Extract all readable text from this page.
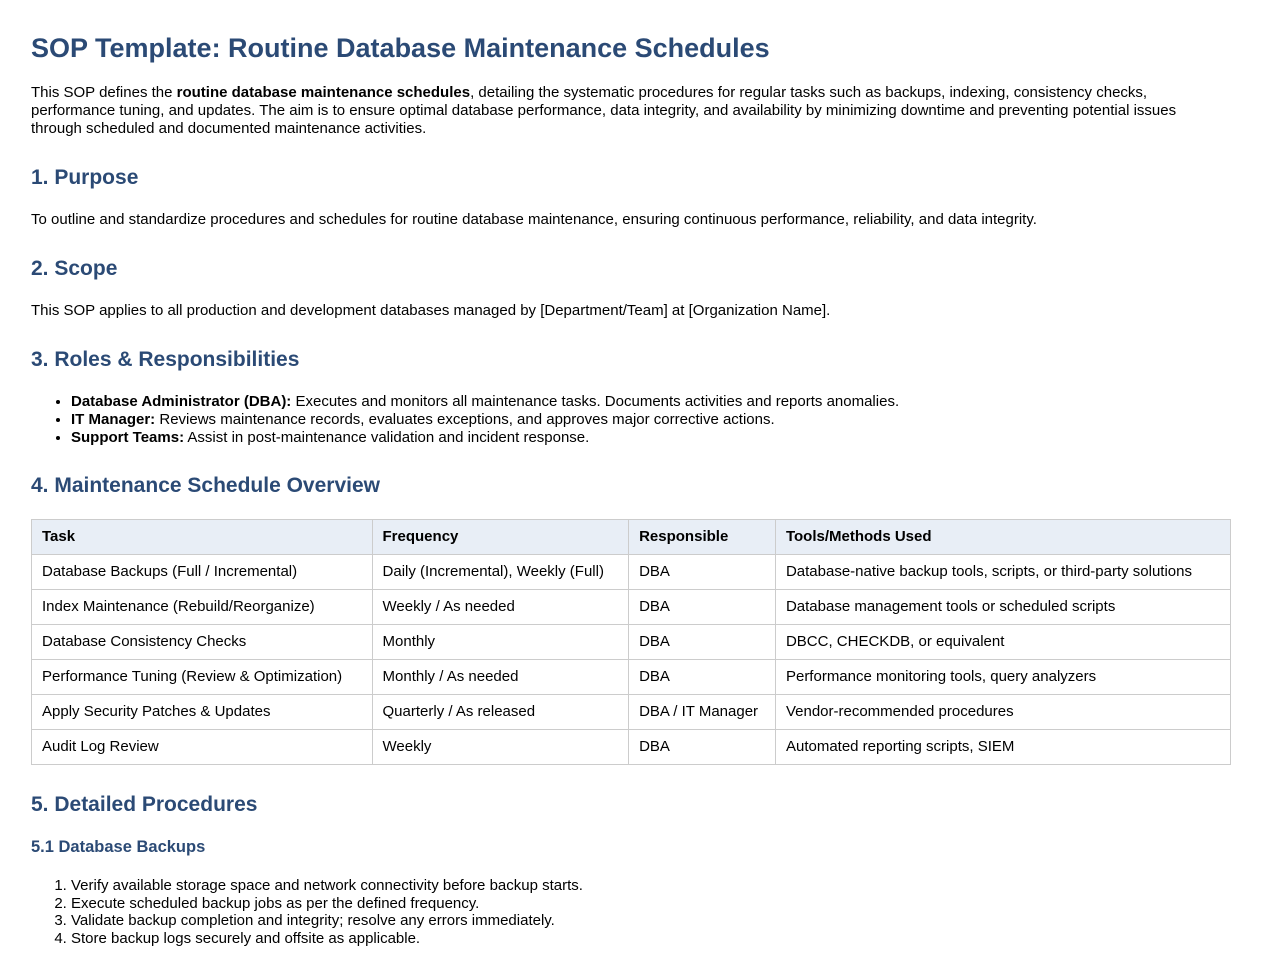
SOP Template: Routine Database Maintenance Schedules

This SOP defines the routine database maintenance schedules, detailing the systematic procedures for regular tasks such as backups, indexing, consistency checks, performance tuning, and updates. The aim is to ensure optimal database performance, data integrity, and availability by minimizing downtime and preventing potential issues through scheduled and documented maintenance activities.

1. Purpose

To outline and standardize procedures and schedules for routine database maintenance, ensuring continuous performance, reliability, and data integrity.

2. Scope

This SOP applies to all production and development databases managed by [Department/Team] at [Organization Name].

3. Roles & Responsibilities
• Database Administrator (DBA): Executes and monitors all maintenance tasks. Documents activities and reports anomalies.
• IT Manager: Reviews maintenance records, evaluates exceptions, and approves major corrective actions.
• Support Teams: Assist in post-maintenance validation and incident response.
4. Maintenance Schedule Overview
Task	Frequency	Responsible	Tools/Methods Used
Database Backups (Full / Incremental)	Daily (Incremental), Weekly (Full)	DBA	Database-native backup tools, scripts, or third-party solutions
Index Maintenance (Rebuild/Reorganize)	Weekly / As needed	DBA	Database management tools or scheduled scripts
Database Consistency Checks	Monthly	DBA	DBCC, CHECKDB, or equivalent
Performance Tuning (Review & Optimization)	Monthly / As needed	DBA	Performance monitoring tools, query analyzers
Apply Security Patches & Updates	Quarterly / As released	DBA / IT Manager	Vendor-recommended procedures
Audit Log Review	Weekly	DBA	Automated reporting scripts, SIEM
5. Detailed Procedures
5.1 Database Backups
1. Verify available storage space and network connectivity before backup starts.
2. Execute scheduled backup jobs as per the defined frequency.
3. Validate backup completion and integrity; resolve any errors immediately.
4. Store backup logs securely and offsite as applicable.
